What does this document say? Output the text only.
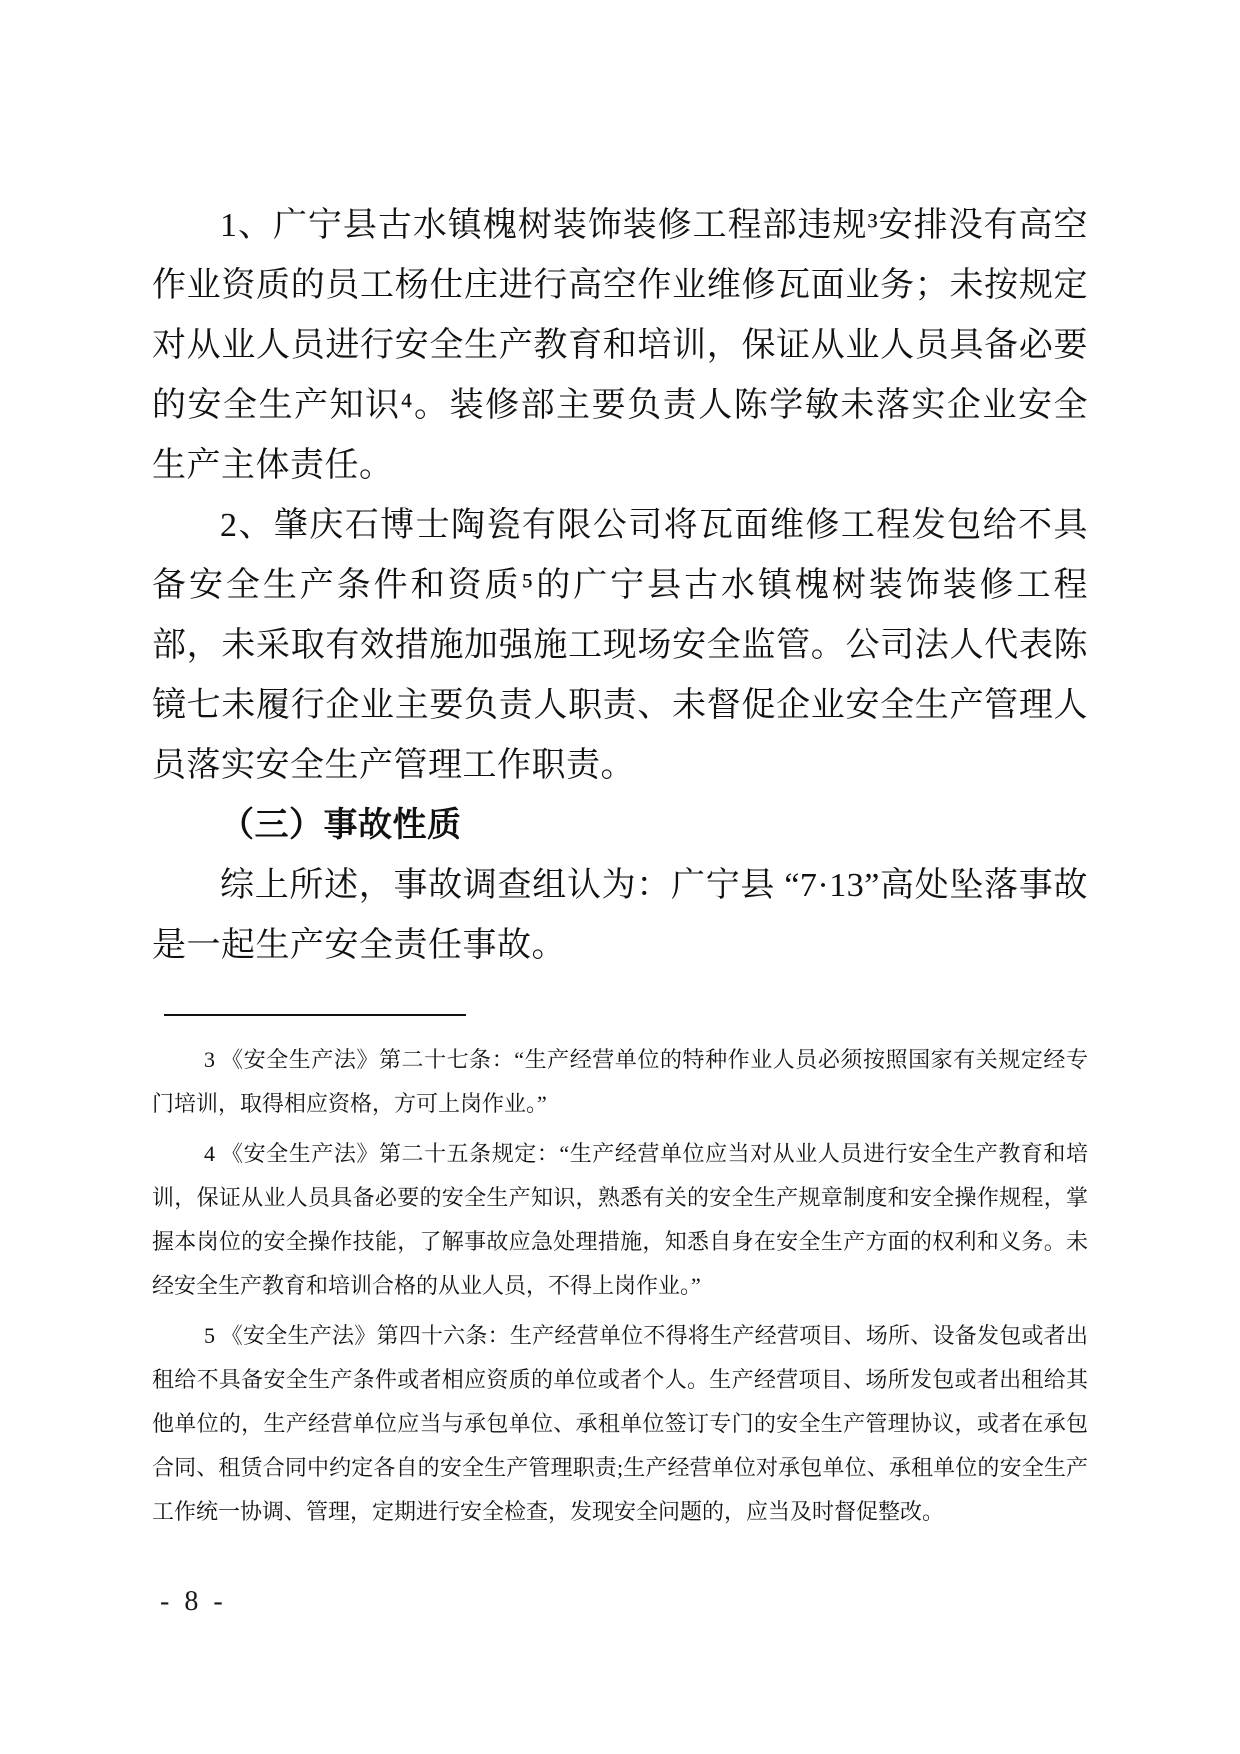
1、广宁县古水镇槐树装饰装修工程部违规³安排没有高空作业资质的员工杨仕庄进行高空作业维修瓦面业务；未按规定对从业人员进行安全生产教育和培训，保证从业人员具备必要的安全生产知识⁴。装修部主要负责人陈学敏未落实企业安全生产主体责任。

2、肇庆石博士陶瓷有限公司将瓦面维修工程发包给不具备安全生产条件和资质⁵的广宁县古水镇槐树装饰装修工程部，未采取有效措施加强施工现场安全监管。公司法人代表陈镜七未履行企业主要负责人职责、未督促企业安全生产管理人员落实安全生产管理工作职责。

（三）事故性质

综上所述，事故调查组认为：广宁县 “7·13”高处坠落事故是一起生产安全责任事故。

3 《安全生产法》第二十七条：“生产经营单位的特种作业人员必须按照国家有关规定经专门培训，取得相应资格，方可上岗作业。”

4 《安全生产法》第二十五条规定：“生产经营单位应当对从业人员进行安全生产教育和培训，保证从业人员具备必要的安全生产知识，熟悉有关的安全生产规章制度和安全操作规程，掌握本岗位的安全操作技能，了解事故应急处理措施，知悉自身在安全生产方面的权利和义务。未经安全生产教育和培训合格的从业人员，不得上岗作业。”

5 《安全生产法》第四十六条：生产经营单位不得将生产经营项目、场所、设备发包或者出租给不具备安全生产条件或者相应资质的单位或者个人。生产经营项目、场所发包或者出租给其他单位的，生产经营单位应当与承包单位、承租单位签订专门的安全生产管理协议，或者在承包合同、租赁合同中约定各自的安全生产管理职责;生产经营单位对承包单位、承租单位的安全生产工作统一协调、管理，定期进行安全检查，发现安全问题的，应当及时督促整改。

- 8 -
